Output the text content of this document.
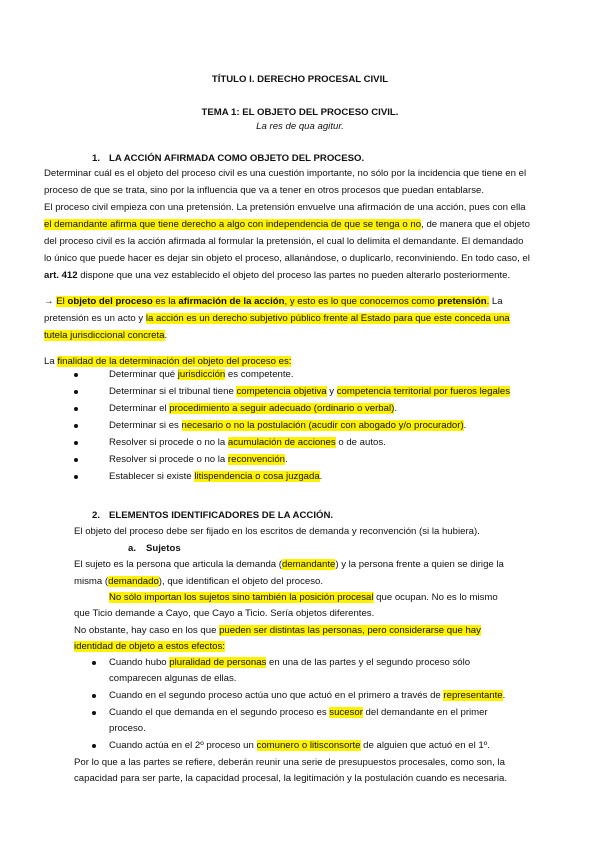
TÍTULO I. DERECHO PROCESAL CIVIL
TEMA 1: EL OBJETO DEL PROCESO CIVIL.
La res de qua agitur.
1. LA ACCIÓN AFIRMADA COMO OBJETO DEL PROCESO.
Determinar cuál es el objeto del proceso civil es una cuestión importante, no sólo por la incidencia que tiene en el
proceso de que se trata, sino por la influencia que va a tener en otros procesos que puedan entablarse.
El proceso civil empieza con una pretensión. La pretensión envuelve una afirmación de una acción, pues con ella
el demandante afirma que tiene derecho a algo con independencia de que se tenga o no, de manera que el objeto
del proceso civil es la acción afirmada al formular la pretensión, el cual lo delimita el demandante. El demandado
lo único que puede hacer es dejar sin objeto el proceso, allanándose, o duplicarlo, reconviniendo. En todo caso, el
art. 412 dispone que una vez establecido el objeto del proceso las partes no pueden alterarlo posteriormente.
→ El objeto del proceso es la afirmación de la acción, y esto es lo que conocemos como pretensión. La
pretensión es un acto y la acción es un derecho subjetivo público frente al Estado para que este conceda una
tutela jurisdiccional concreta.
La finalidad de la determinación del objeto del proceso es:
Determinar qué jurisdicción es competente.
Determinar si el tribunal tiene competencia objetiva y competencia territorial por fueros legales
Determinar el procedimiento a seguir adecuado (ordinario o verbal).
Determinar si es necesario o no la postulación (acudir con abogado y/o procurador).
Resolver si procede o no la acumulación de acciones o de autos.
Resolver si procede o no la reconvención.
Establecer si existe litispendencia o cosa juzgada.
2. ELEMENTOS IDENTIFICADORES DE LA ACCIÓN.
El objeto del proceso debe ser fijado en los escritos de demanda y reconvención (si la hubiera).
a. Sujetos
El sujeto es la persona que articula la demanda (demandante) y la persona frente a quien se dirige la
misma (demandado), que identifican el objeto del proceso.
No sólo importan los sujetos sino también la posición procesal que ocupan. No es lo mismo
que Ticio demande a Cayo, que Cayo a Ticio. Sería objetos diferentes.
No obstante, hay caso en los que pueden ser distintas las personas, pero considerarse que hay
identidad de objeto a estos efectos:
Cuando hubo pluralidad de personas en una de las partes y el segundo proceso sólo
comparecen algunas de ellas.
Cuando en el segundo proceso actúa uno que actuó en el primero a través de representante.
Cuando el que demanda en el segundo proceso es sucesor del demandante en el primer
proceso.
Cuando actúa en el 2º proceso un comunero o litisconsorte de alguien que actuó en el 1º.
Por lo que a las partes se refiere, deberán reunir una serie de presupuestos procesales, como son, la
capacidad para ser parte, la capacidad procesal, la legitimación y la postulación cuando es necesaria.
